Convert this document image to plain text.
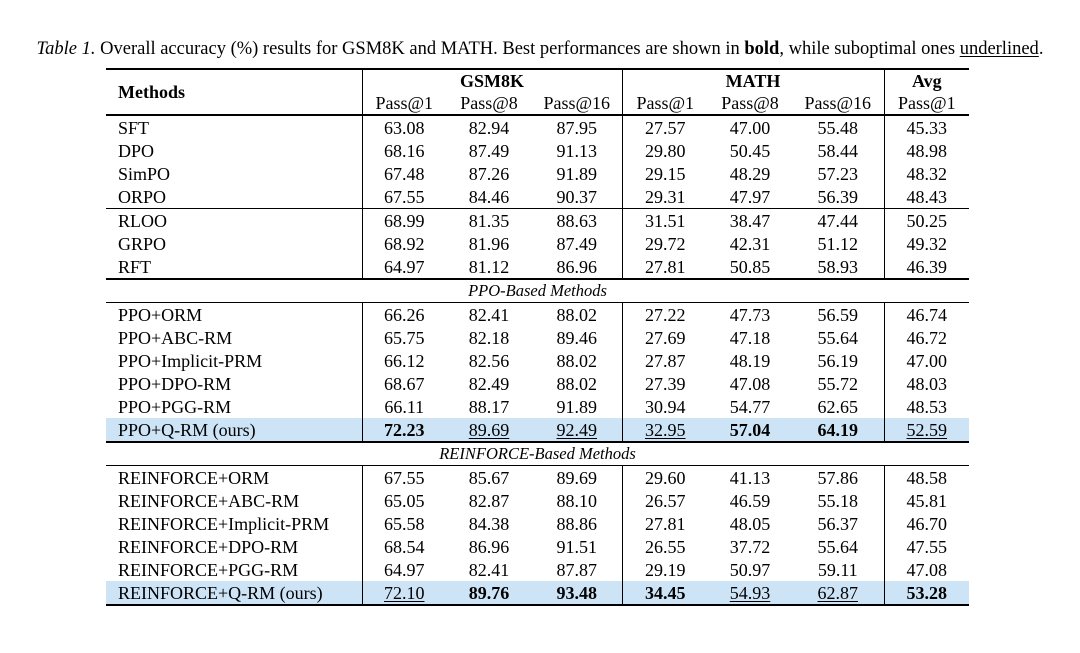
Table 1. Overall accuracy (%) results for GSM8K and MATH. Best performances are shown in bold, while suboptimal ones underlined.
Methods	GSM8K			MATH			Avg
	Pass@1	Pass@8	Pass@16	Pass@1	Pass@8	Pass@16	Pass@1
SFT	63.08	82.94	87.95	27.57	47.00	55.48	45.33
DPO	68.16	87.49	91.13	29.80	50.45	58.44	48.98
SimPO	67.48	87.26	91.89	29.15	48.29	57.23	48.32
ORPO	67.55	84.46	90.37	29.31	47.97	56.39	48.43
RLOO	68.99	81.35	88.63	31.51	38.47	47.44	50.25
GRPO	68.92	81.96	87.49	29.72	42.31	51.12	49.32
RFT	64.97	81.12	86.96	27.81	50.85	58.93	46.39
PPO-Based Methods							
PPO+ORM	66.26	82.41	88.02	27.22	47.73	56.59	46.74
PPO+ABC-RM	65.75	82.18	89.46	27.69	47.18	55.64	46.72
PPO+Implicit-PRM	66.12	82.56	88.02	27.87	48.19	56.19	47.00
PPO+DPO-RM	68.67	82.49	88.02	27.39	47.08	55.72	48.03
PPO+PGG-RM	66.11	88.17	91.89	30.94	54.77	62.65	48.53
PPO+Q-RM (ours)	72.23	89.69	92.49	32.95	57.04	64.19	52.59
REINFORCE-Based Methods							
REINFORCE+ORM	67.55	85.67	89.69	29.60	41.13	57.86	48.58
REINFORCE+ABC-RM	65.05	82.87	88.10	26.57	46.59	55.18	45.81
REINFORCE+Implicit-PRM	65.58	84.38	88.86	27.81	48.05	56.37	46.70
REINFORCE+DPO-RM	68.54	86.96	91.51	26.55	37.72	55.64	47.55
REINFORCE+PGG-RM	64.97	82.41	87.87	29.19	50.97	59.11	47.08
REINFORCE+Q-RM (ours)	72.10	89.76	93.48	34.45	54.93	62.87	53.28
